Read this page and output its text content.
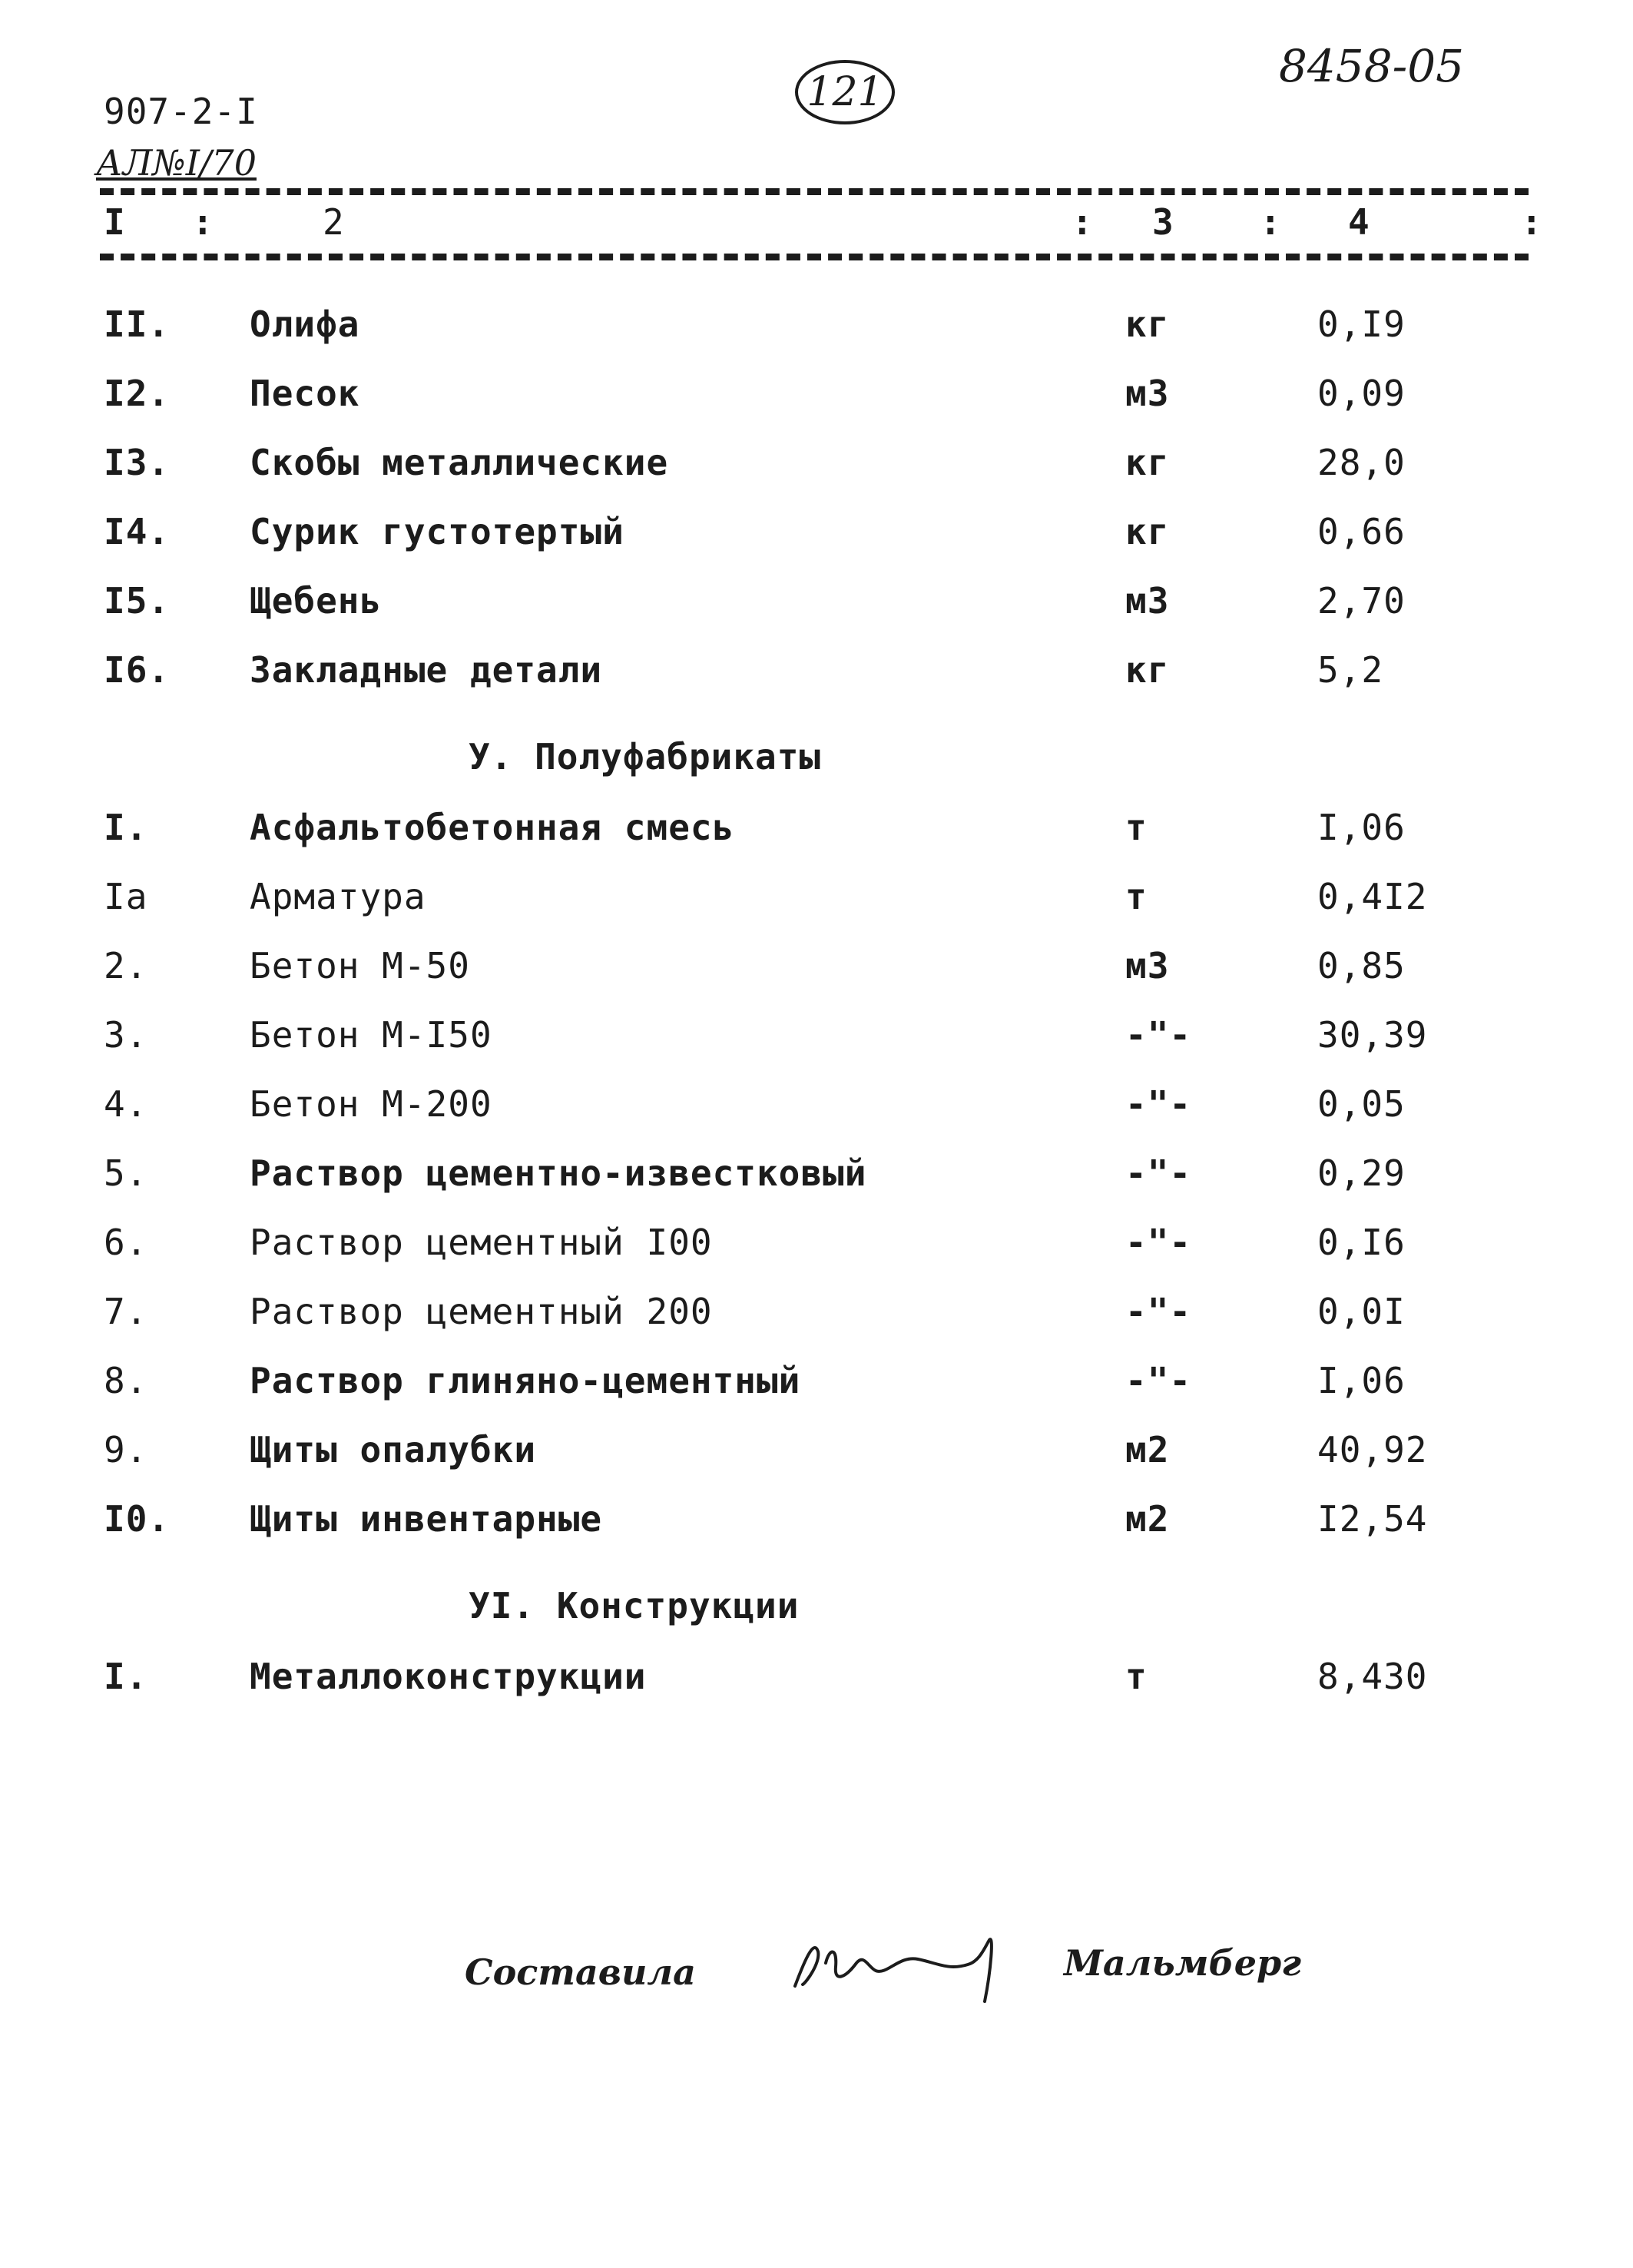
8458-05
121
907-2-I
АЛ№I/70
I :	2	: 3 : 4	:
II. Олифа	кг	0,I9
I2. Песок	м3	0,09
I3. Скобы металлические	кг	28,0
I4. Сурик густотертый	кг	0,66
I5. Щебень	м3	2,70
I6. Закладные детали	кг	5,2
У. Полуфабрикаты
I.	Асфальтобетонная смесь	т	I,06
Iа	Арматура	т	0,4I2
2.	Бетон М-50	м3	0,85
3.	Бетон М-I50	-"-	30,39
4.	Бетон М-200	-"-	0,05
5.	Раствор цементно-известковый	-"-	0,29
6.	Раствор цементный I00	-"-	0,I6
7.	Раствор цементный 200	-"-	0,0I
8.	Раствор глиняно-цементный	-"-	I,06
9.	Щиты опалубки	м2	40,92
I0. Щиты инвентарные	м2	I2,54
УI. Конструкции
I.	Металлоконструкции	т	8,430
Составила	Мальмберг
